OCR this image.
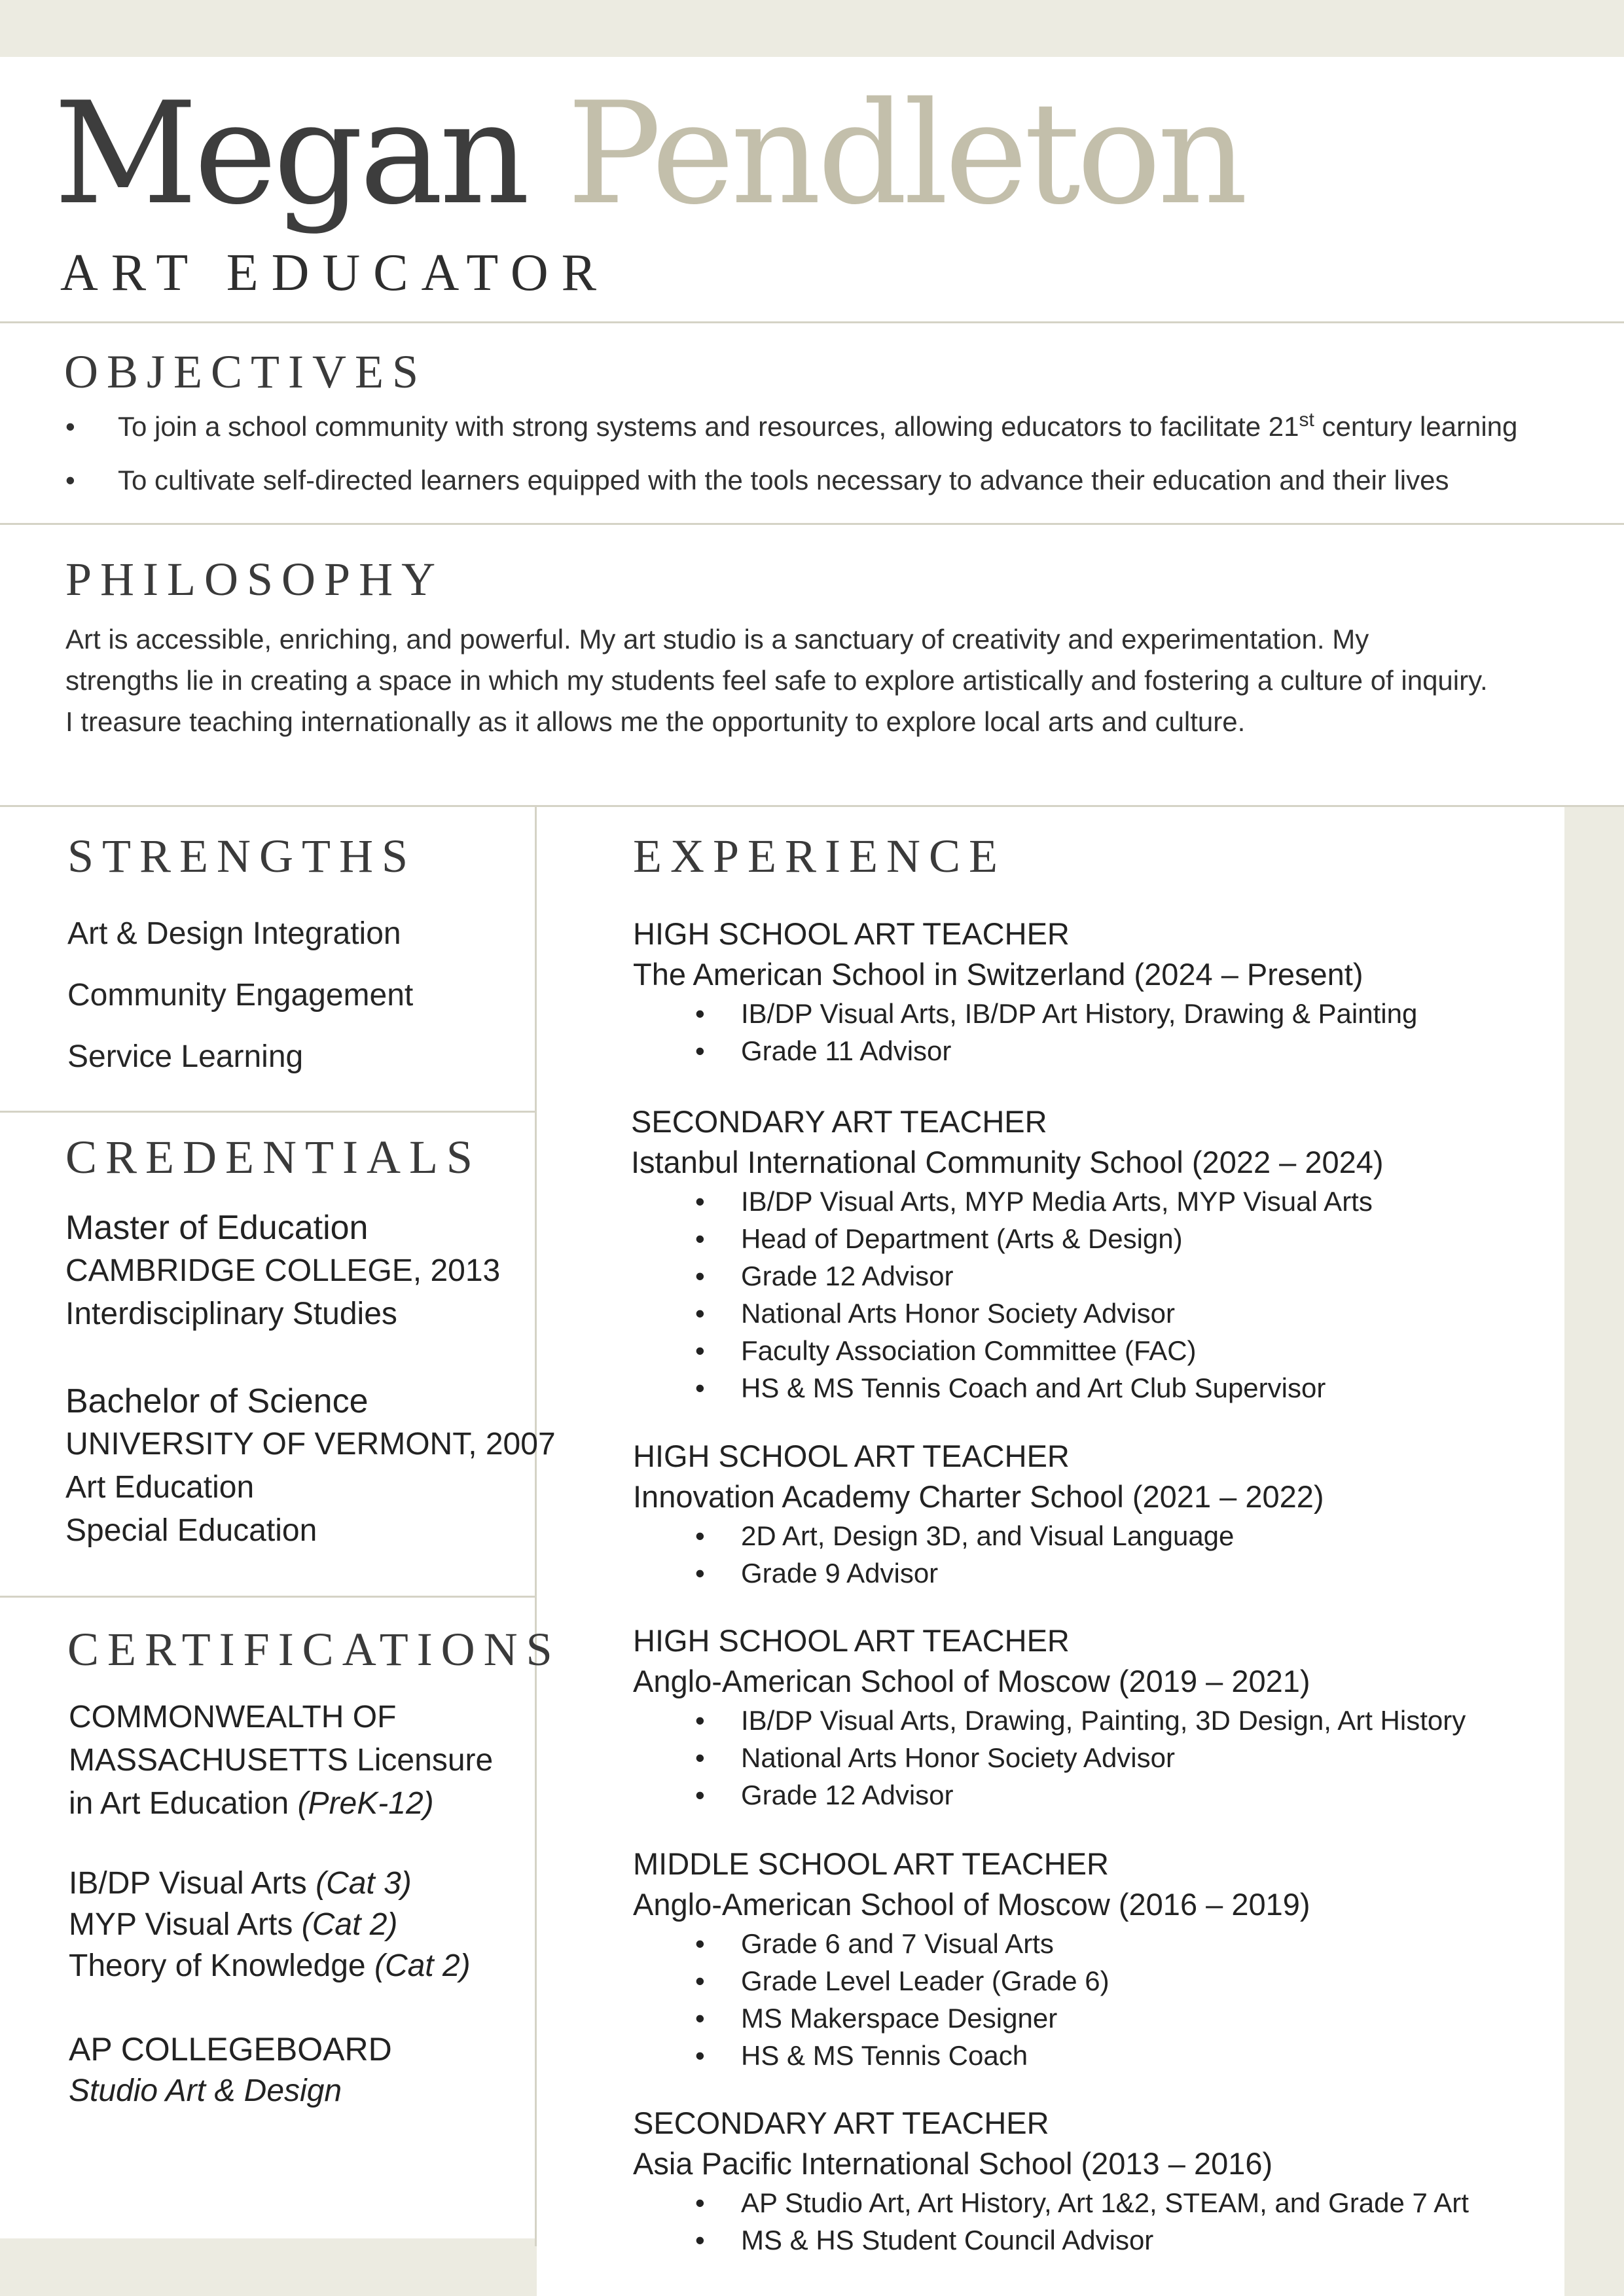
Megan Pendleton
ART EDUCATOR
OBJECTIVES
• To join a school community with strong systems and resources, allowing educators to facilitate 21st century learning
• To cultivate self-directed learners equipped with the tools necessary to advance their education and their lives
PHILOSOPHY
Art is accessible, enriching, and powerful. My art studio is a sanctuary of creativity and experimentation. My
strengths lie in creating a space in which my students feel safe to explore artistically and fostering a culture of inquiry.
I treasure teaching internationally as it allows me the opportunity to explore local arts and culture.
STRENGTHS
Art & Design Integration
Community Engagement
Service Learning
CREDENTIALS
Master of Education
CAMBRIDGE COLLEGE, 2013
Interdisciplinary Studies
Bachelor of Science
UNIVERSITY OF VERMONT, 2007
Art Education
Special Education
CERTIFICATIONS
COMMONWEALTH OF
MASSACHUSETTS Licensure
in Art Education (PreK-12)
IB/DP Visual Arts (Cat 3)
MYP Visual Arts (Cat 2)
Theory of Knowledge (Cat 2)
AP COLLEGEBOARD
Studio Art & Design
EXPERIENCE
HIGH SCHOOL ART TEACHER
The American School in Switzerland (2024 – Present)
• IB/DP Visual Arts, IB/DP Art History, Drawing & Painting
• Grade 11 Advisor
SECONDARY ART TEACHER
Istanbul International Community School (2022 – 2024)
• IB/DP Visual Arts, MYP Media Arts, MYP Visual Arts
• Head of Department (Arts & Design)
• Grade 12 Advisor
• National Arts Honor Society Advisor
• Faculty Association Committee (FAC)
• HS & MS Tennis Coach and Art Club Supervisor
HIGH SCHOOL ART TEACHER
Innovation Academy Charter School (2021 – 2022)
• 2D Art, Design 3D, and Visual Language
• Grade 9 Advisor
HIGH SCHOOL ART TEACHER
Anglo-American School of Moscow (2019 – 2021)
• IB/DP Visual Arts, Drawing, Painting, 3D Design, Art History
• National Arts Honor Society Advisor
• Grade 12 Advisor
MIDDLE SCHOOL ART TEACHER
Anglo-American School of Moscow (2016 – 2019)
• Grade 6 and 7 Visual Arts
• Grade Level Leader (Grade 6)
• MS Makerspace Designer
• HS & MS Tennis Coach
SECONDARY ART TEACHER
Asia Pacific International School (2013 – 2016)
• AP Studio Art, Art History, Art 1&2, STEAM, and Grade 7 Art
• MS & HS Student Council Advisor
